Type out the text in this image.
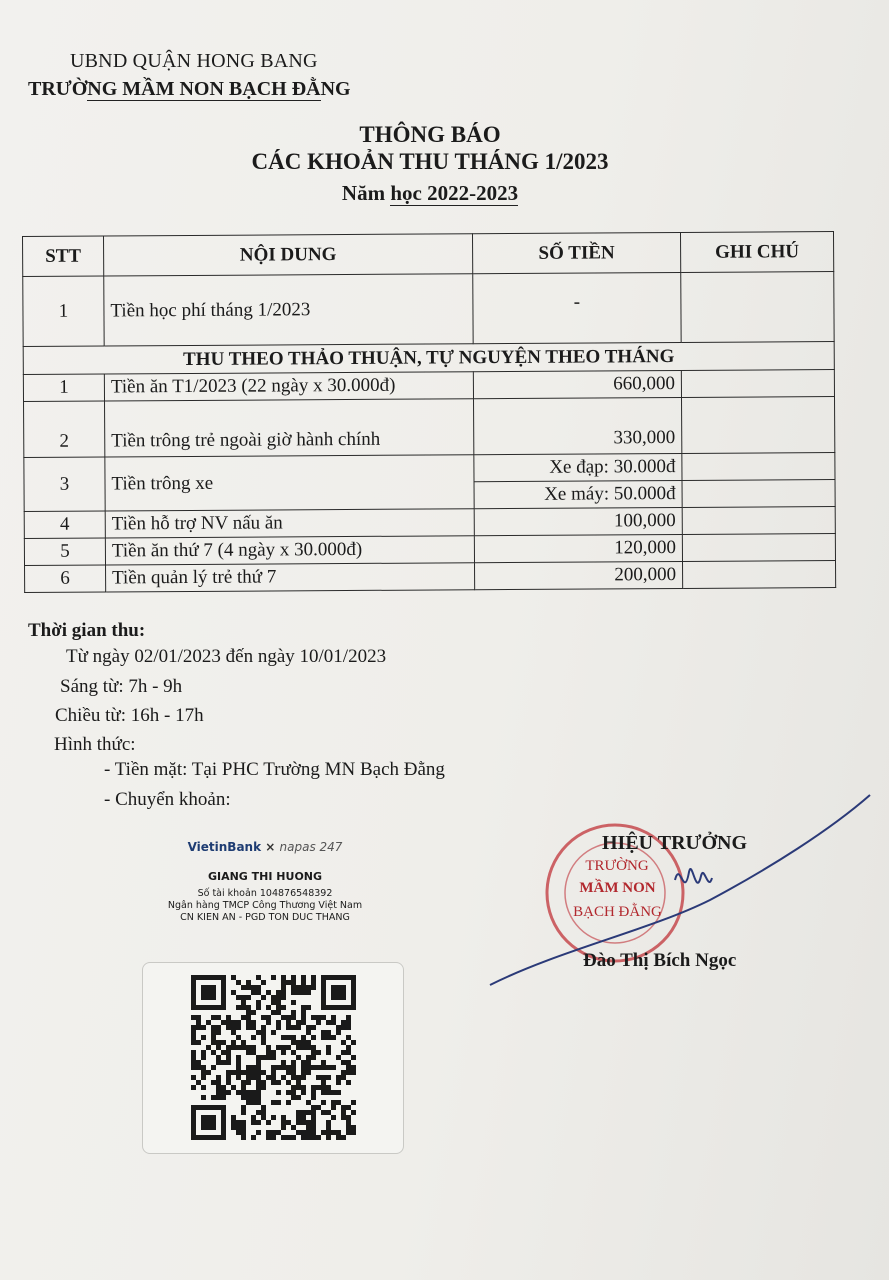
UBND QUẬN HONG BANG
TRƯỜNG MẦM NON BẠCH ĐẰNG
THÔNG BÁO
CÁC KHOẢN THU THÁNG 1/2023
Năm học 2022-2023
STT	NỘI DUNG	SỐ TIỀN	GHI CHÚ
1	Tiền học phí tháng 1/2023	-	
THU THEO THẢO THUẬN, TỰ NGUYỆN THEO THÁNG			
1	Tiền ăn T1/2023 (22 ngày x 30.000đ)	660,000	
2	Tiền trông trẻ ngoài giờ hành chính	330,000	
3	Tiền trông xe	Xe đạp: 30.000đ	
		Xe máy: 50.000đ	
4	Tiền hỗ trợ NV nấu ăn	100,000	
5	Tiền ăn thứ 7 (4 ngày x 30.000đ)	120,000	
6	Tiền quản lý trẻ thứ 7	200,000	
Thời gian thu:
Từ ngày 02/01/2023 đến ngày 10/01/2023
Sáng từ: 7h - 9h
Chiều từ: 16h - 17h
Hình thức:
- Tiền mặt: Tại PHC Trường MN Bạch Đằng
- Chuyển khoản:
VietinBank × napas 247
GIANG THI HUONG
Số tài khoản 104876548392
Ngân hàng TMCP Công Thương Việt Nam
CN KIEN AN - PGD TON DUC THANG
TRƯỜNG
MẦM NON
BẠCH ĐẰNG
HIỆU TRƯỞNG
Đào Thị Bích Ngọc
